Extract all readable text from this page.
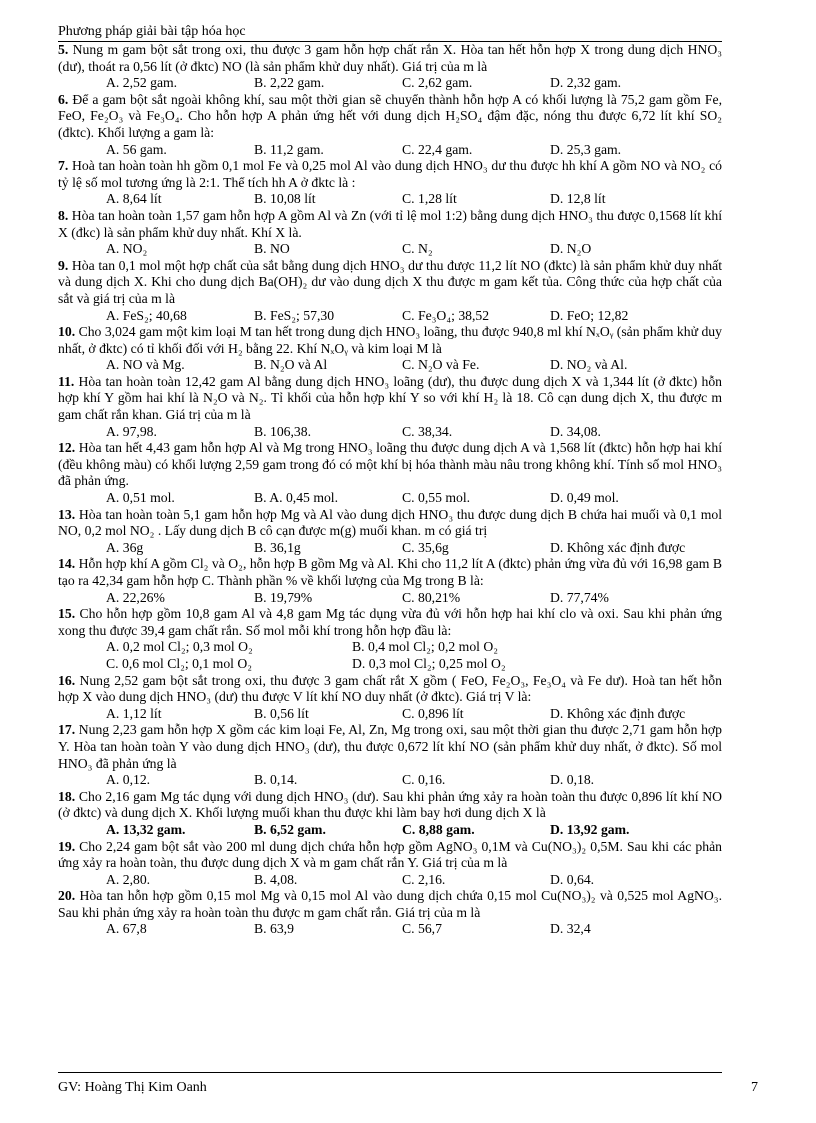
Phương pháp giải bài tập hóa học
5. Nung m gam bột sắt trong oxi, thu được 3 gam hỗn hợp chất rắn X. Hòa tan hết hỗn hợp X trong dung dịch HNO₃ (dư), thoát ra 0,56 lít (ở đktc) NO (là sản phẩm khử duy nhất). Giá trị của m là
A. 2,52 gam.	B. 2,22 gam.	C. 2,62 gam.	D. 2,32 gam.
6. Để a gam bột sắt ngoài không khí, sau một thời gian sẽ chuyển thành hỗn hợp A có khối lượng là 75,2 gam gồm Fe, FeO, Fe₂O₃ và Fe₃O₄. Cho hỗn hợp A phản ứng hết với dung dịch H₂SO₄ đậm đặc, nóng thu được 6,72 lít khí SO₂ (đktc). Khối lượng a gam là:
A. 56 gam.	B. 11,2 gam.	C. 22,4 gam.	D. 25,3 gam.
7. Hoà tan hoàn toàn hh gồm 0,1 mol Fe và 0,25 mol Al vào dung dịch HNO₃ dư thu được hh khí A gồm NO và NO₂ có tỷ lệ số mol tương ứng là 2:1. Thể tích hh A ở đktc là :
A. 8,64 lít	B. 10,08 lít	C. 1,28 lít	D. 12,8 lít
8. Hòa tan hoàn toàn 1,57 gam hỗn hợp A gồm Al và Zn (với tỉ lệ mol 1:2) bằng dung dịch HNO₃ thu được 0,1568 lít khí X (đkc) là sản phẩm khử duy nhất. Khí X là.
A. NO₂	B. NO	C. N₂	D. N₂O
9. Hòa tan 0,1 mol một hợp chất của sắt bằng dung dịch HNO₃ dư thu được 11,2 lít NO (đktc) là sản phẩm khử duy nhất và dung dịch X. Khi cho dung dịch Ba(OH)₂ dư vào dung dịch X thu được m gam kết tủa. Công thức của hợp chất của sắt và giá trị của m là
A. FeS₂; 40,68	B. FeS₂; 57,30	C. Fe₃O₄; 38,52	D. FeO; 12,82
10. Cho 3,024 gam một kim loại M tan hết trong dung dịch HNO₃ loãng, thu được 940,8 ml khí NₓOᵧ (sản phẩm khử duy nhất, ở đktc) có tỉ khối đối với H₂ bằng 22. Khí NₓOᵧ và kim loại M là
A. NO và Mg.	B. N₂O và Al	C. N₂O và Fe.	D. NO₂ và Al.
11. Hòa tan hoàn toàn 12,42 gam Al bằng dung dịch HNO₃ loãng (dư), thu được dung dịch X và 1,344 lít (ở đktc) hỗn hợp khí Y gồm hai khí là N₂O và N₂. Tỉ khối của hỗn hợp khí Y so với khí H₂ là 18. Cô cạn dung dịch X, thu được m gam chất rắn khan. Giá trị của m là
A. 97,98.	B. 106,38.	C. 38,34.	D. 34,08.
12. Hòa tan hết 4,43 gam hỗn hợp Al và Mg trong HNO₃ loãng thu được dung dịch A và 1,568 lít (đktc) hỗn hợp hai khí (đều không màu) có khối lượng 2,59 gam trong đó có một khí bị hóa thành màu nâu trong không khí. Tính số mol HNO₃ đã phản ứng.
A. 0,51 mol.	B. A. 0,45 mol.	C. 0,55 mol.	D. 0,49 mol.
13. Hòa tan hoàn toàn 5,1 gam hỗn hợp Mg và Al vào dung dịch HNO₃ thu được dung dịch B chứa hai muối và 0,1 mol NO, 0,2 mol NO₂ . Lấy dung dịch B cô cạn được m(g) muối khan. m có giá trị
A. 36g	B. 36,1g	C. 35,6g	D. Không xác định được
14. Hỗn hợp khí A gồm Cl₂ và O₂, hỗn hợp B gồm Mg và Al. Khi cho 11,2 lít A (đktc) phản ứng vừa đủ với 16,98 gam B tạo ra 42,34 gam hỗn hợp C. Thành phần % về khối lượng của Mg trong B là:
A. 22,26%	B. 19,79%	C. 80,21%	D. 77,74%
15. Cho hỗn hợp gồm 10,8 gam Al và 4,8 gam Mg tác dụng vừa đủ với hỗn hợp hai khí clo và oxi. Sau khi phản ứng xong thu được 39,4 gam chất rắn. Số mol mỗi khí trong hỗn hợp đầu là:
A. 0,2 mol Cl₂; 0,3 mol O₂	B. 0,4 mol Cl₂; 0,2 mol O₂
C. 0,6 mol Cl₂; 0,1 mol O₂	D. 0,3 mol Cl₂; 0,25 mol O₂
16. Nung 2,52 gam bột sắt trong oxi, thu được 3 gam chất rắt X gồm ( FeO, Fe₂O₃, Fe₃O₄ và Fe dư). Hoà tan hết hỗn hợp X vào dung dịch HNO₃ (dư) thu được V lít khí NO duy nhất (ở đktc). Giá trị V là:
A. 1,12 lít	B. 0,56 lít	C. 0,896 lít	D. Không xác định được
17. Nung 2,23 gam hỗn hợp X gồm các kim loại Fe, Al, Zn, Mg trong oxi, sau một thời gian thu được 2,71 gam hỗn hợp Y. Hòa tan hoàn toàn Y vào dung dịch HNO₃ (dư), thu được 0,672 lít khí NO (sản phẩm khử duy nhất, ở đktc). Số mol HNO₃ đã phản ứng là
A. 0,12.	B. 0,14.	C. 0,16.	D. 0,18.
18. Cho 2,16 gam Mg tác dụng với dung dịch HNO₃ (dư). Sau khi phản ứng xảy ra hoàn toàn thu được 0,896 lít khí NO (ở đktc) và dung dịch X. Khối lượng muối khan thu được khi làm bay hơi dung dịch X là
A. 13,32 gam.	B. 6,52 gam.	C. 8,88 gam.	D. 13,92 gam.
19. Cho 2,24 gam bột sắt vào 200 ml dung dịch chứa hỗn hợp gồm AgNO₃ 0,1M và Cu(NO₃)₂ 0,5M. Sau khi các phản ứng xảy ra hoàn toàn, thu được dung dịch X và m gam chất rắn Y. Giá trị của m là
A. 2,80.	B. 4,08.	C. 2,16.	D. 0,64.
20. Hòa tan hỗn hợp gồm 0,15 mol Mg và 0,15 mol Al vào dung dịch chứa 0,15 mol Cu(NO₃)₂ và 0,525 mol AgNO₃. Sau khi phản ứng xảy ra hoàn toàn thu được m gam chất rắn. Giá trị của m là
A. 67,8	B. 63,9	C. 56,7	D. 32,4
GV: Hoàng Thị Kim Oanh	7
